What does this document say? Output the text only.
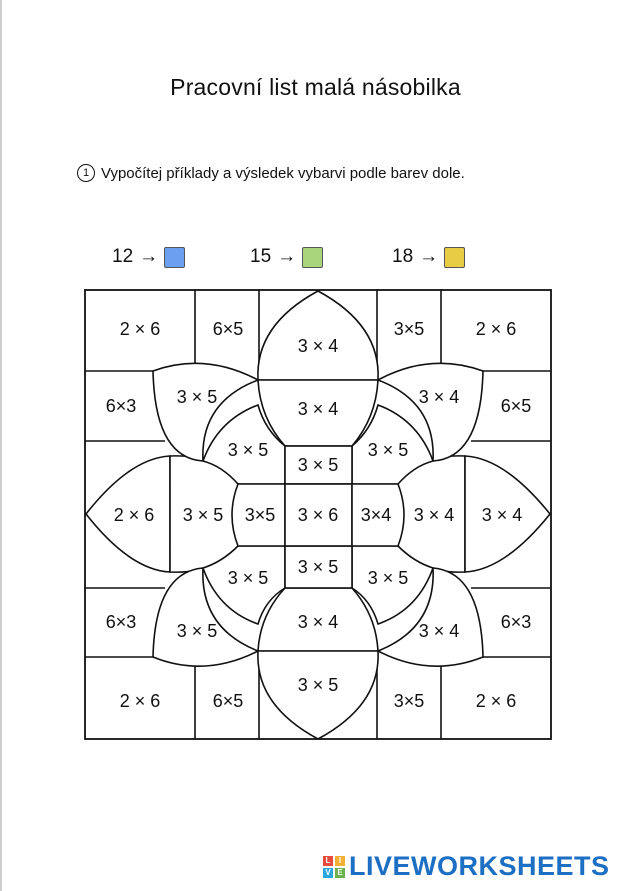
Pracovní list malá násobilka
1 Vypočítej příklady a výsledek vybarvi podle barev dole.
12 →	15 →	18 →
2 × 6	6×5
3 × 4
3×5	2 × 6
6×3 3 × 5
3 × 4
3 × 4 6×5
3 × 5
3 × 5
3 × 5
2 × 6 3 × 5 3×5 3 × 6 3×4 3 × 4 3 × 4
3 × 5
3 × 5
3 × 5
6×3 3 × 5	3 × 4	3 × 4 6×3
2 × 6	6×5
3 × 5
3×5	2 × 6
L	I
V E LIVEWORKSHEETS
